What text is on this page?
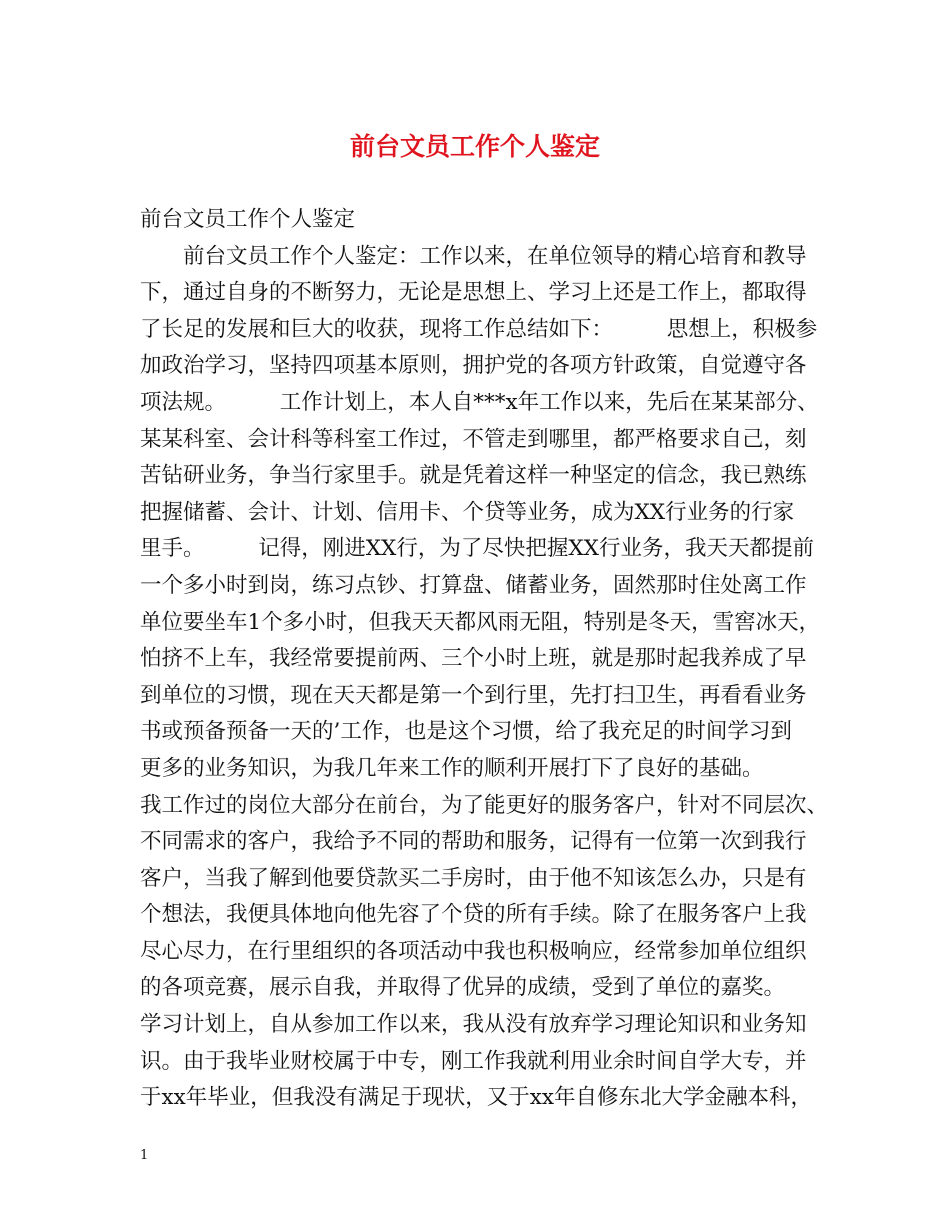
前台文员工作个人鉴定
前台文员工作个人鉴定
　　前台文员工作个人鉴定：工作以来，在单位领导的精心培育和教导
下，通过自身的不断努力，无论是思想上、学习上还是工作上，都取得
了长足的发展和巨大的收获，现将工作总结如下：　　　思想上，积极参
加政治学习，坚持四项基本原则，拥护党的各项方针政策，自觉遵守各
项法规。　　　工作计划上，本人自***x年工作以来，先后在某某部分、
某某科室、会计科等科室工作过，不管走到哪里，都严格要求自己，刻
苦钻研业务，争当行家里手。就是凭着这样一种坚定的信念，我已熟练
把握储蓄、会计、计划、信用卡、个贷等业务，成为XX行业务的行家
里手。　　　记得，刚进XX行，为了尽快把握XX行业务，我天天都提前
一个多小时到岗，练习点钞、打算盘、储蓄业务，固然那时住处离工作
单位要坐车1个多小时，但我天天都风雨无阻，特别是冬天，雪窖冰天，
怕挤不上车，我经常要提前两、三个小时上班，就是那时起我养成了早
到单位的习惯，现在天天都是第一个到行里，先打扫卫生，再看看业务
书或预备预备一天的’工作，也是这个习惯，给了我充足的时间学习到
更多的业务知识，为我几年来工作的顺利开展打下了良好的基础。
我工作过的岗位大部分在前台，为了能更好的服务客户，针对不同层次、
不同需求的客户，我给予不同的帮助和服务，记得有一位第一次到我行
客户，当我了解到他要贷款买二手房时，由于他不知该怎么办，只是有
个想法，我便具体地向他先容了个贷的所有手续。除了在服务客户上我
尽心尽力，在行里组织的各项活动中我也积极响应，经常参加单位组织
的各项竞赛，展示自我，并取得了优异的成绩，受到了单位的嘉奖。
学习计划上，自从参加工作以来，我从没有放弃学习理论知识和业务知
识。由于我毕业财校属于中专，刚工作我就利用业余时间自学大专，并
于xx年毕业，但我没有满足于现状，又于xx年自修东北大学金融本科，
1
